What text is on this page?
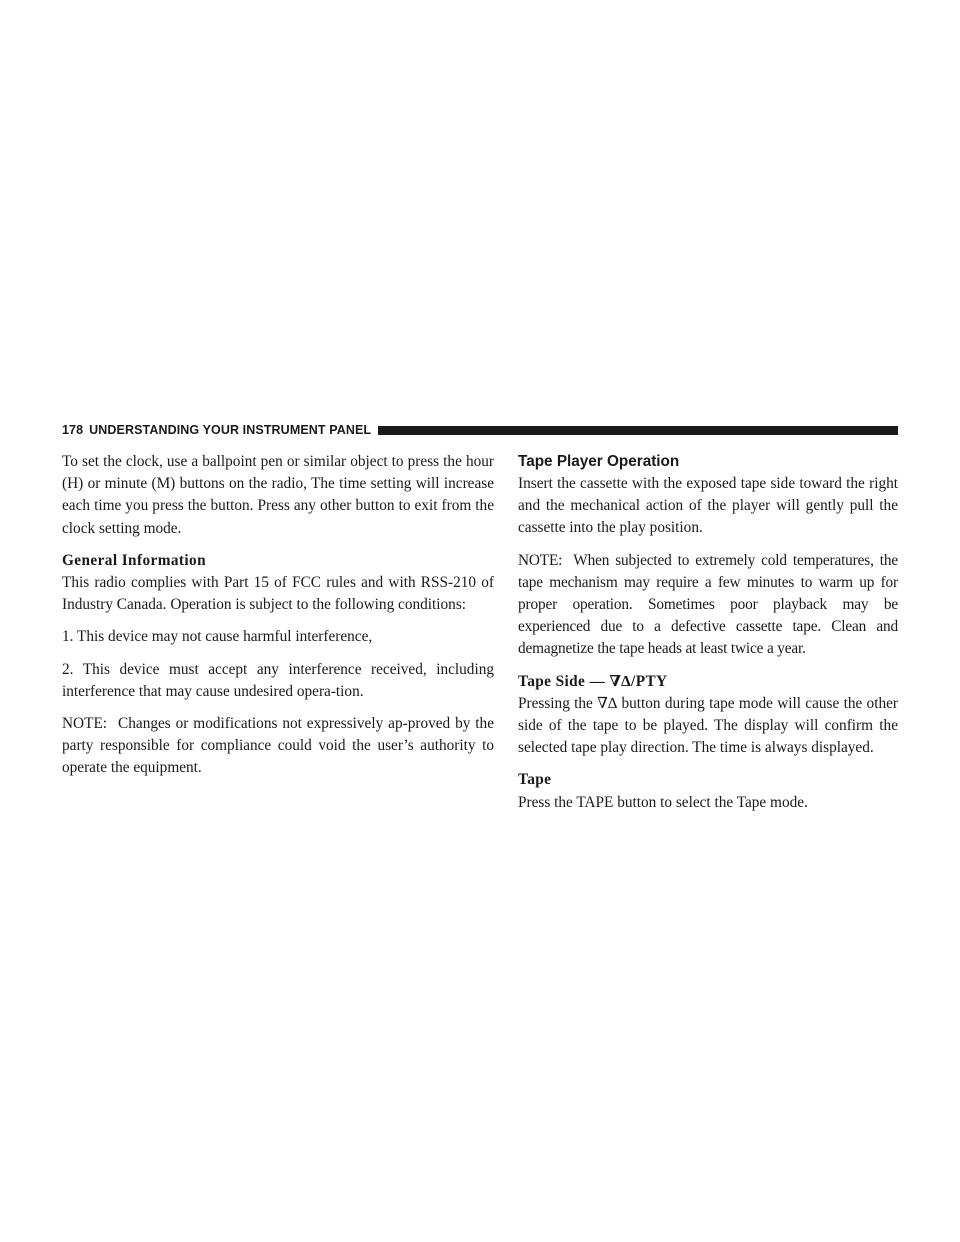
178 UNDERSTANDING YOUR INSTRUMENT PANEL

To set the clock, use a ballpoint pen or similar object to press the hour (H) or minute (M) buttons on the radio, The time setting will increase each time you press the button. Press any other button to exit from the clock setting mode.

General Information

This radio complies with Part 15 of FCC rules and with RSS-210 of Industry Canada. Operation is subject to the following conditions:

1. This device may not cause harmful interference,

2. This device must accept any interference received, including interference that may cause undesired opera-tion.

NOTE: Changes or modifications not expressively ap-proved by the party responsible for compliance could void the user’s authority to operate the equipment.

Tape Player Operation

Insert the cassette with the exposed tape side toward the right and the mechanical action of the player will gently pull the cassette into the play position.

NOTE: When subjected to extremely cold temperatures, the tape mechanism may require a few minutes to warm up for proper operation. Sometimes poor playback may be experienced due to a defective cassette tape. Clean and demagnetize the tape heads at least twice a year.

Tape Side — ∇∆/PTY

Pressing the ∇∆ button during tape mode will cause the other side of the tape to be played. The display will confirm the selected tape play direction. The time is always displayed.

Tape

Press the TAPE button to select the Tape mode.
